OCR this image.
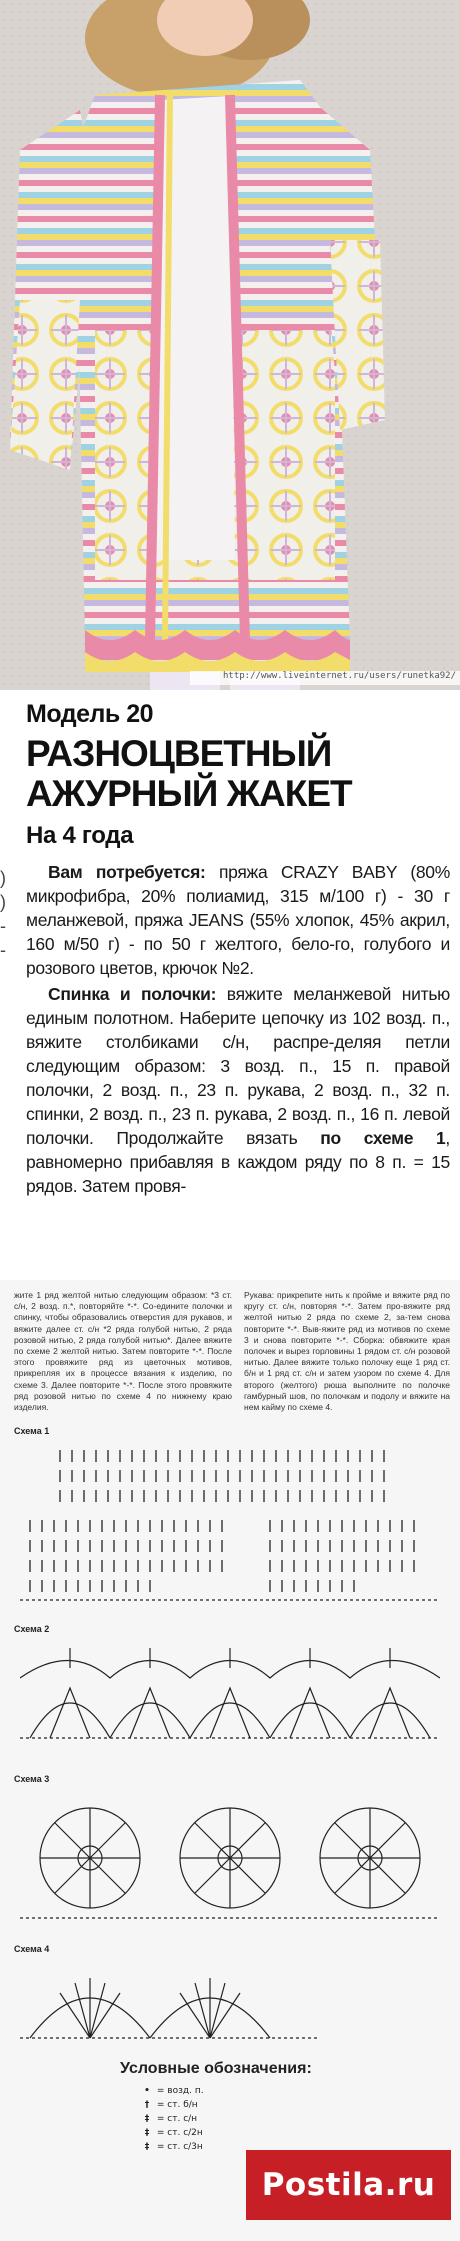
http://www.liveinternet.ru/users/runetka92/
Модель 20
РАЗНОЦВЕТНЫЙ
АЖУРНЫЙ ЖАКЕТ
На 4 года
)
)
-
-

Вам потребуется: пряжа CRAZY BABY (80% микрофибра, 20% полиамид, 315 м/100 г) - 30 г меланжевой, пряжа JEANS (55% хлопок, 45% акрил, 160 м/50 г) - по 50 г желтого, бело-го, голубого и розового цветов, крючок №2.

Спинка и полочки: вяжите меланжевой нитью единым полотном. Наберите цепочку из 102 возд. п., вяжите столбиками с/н, распре-деляя петли следующим образом: 3 возд. п., 15 п. правой полочки, 2 возд. п., 23 п. рукава, 2 возд. п., 32 п. спинки, 2 возд. п., 23 п. рукава, 2 возд. п., 16 п. левой полочки. Продолжайте вязать по схеме 1, равномерно прибавляя в каждом ряду по 8 п. = 15 рядов. Затем провя-

жите 1 ряд желтой нитью следующим образом: *3 ст. с/н, 2 возд. п.*, повторяйте *-*. Со-едините полочки и спинку, чтобы образовались отверстия для рукавов, и вяжите далее ст. с/н *2 ряда голубой нитью, 2 ряда розовой нитью, 2 ряда голубой нитью*. Далее вяжите по схеме 2 желтой нитью. Затем повторите *-*. После этого провяжите ряд из цветочных мотивов, прикрепляя их в процессе вязания к изделию, по схеме 3. Далее повторите *-*. После этого провяжите ряд розовой нитью по схеме 4 по нижнему краю изделия.
Рукава: прикрепите нить к пройме и вяжите ряд по кругу ст. с/н, повторяя *-*. Затем про-вяжите ряд желтой нитью 2 ряда по схеме 2, за-тем снова повторите *-*. Выв-яжите ряд из мотивов по схеме 3 и снова повторите *-*. Сборка: обвяжите края полочек и вырез горловины 1 рядом ст. с/н розовой нитью. Далее вяжите только полочку еще 1 ряд ст. б/н и 1 ряд ст. с/н и затем узором по схеме 4. Для второго (желтого) рюша выполните по полочке гамбурный шов, по полочкам и подолу и вяжите на нем кайму по схеме 4.
Схема 1
Схема 2
Схема 3
Схема 4
Условные обозначения:
• = возд. п.
† = ст. б/н
‡ = ст. с/н
‡ = ст. с/2н
‡ = ст. с/3н
Postila.ru
